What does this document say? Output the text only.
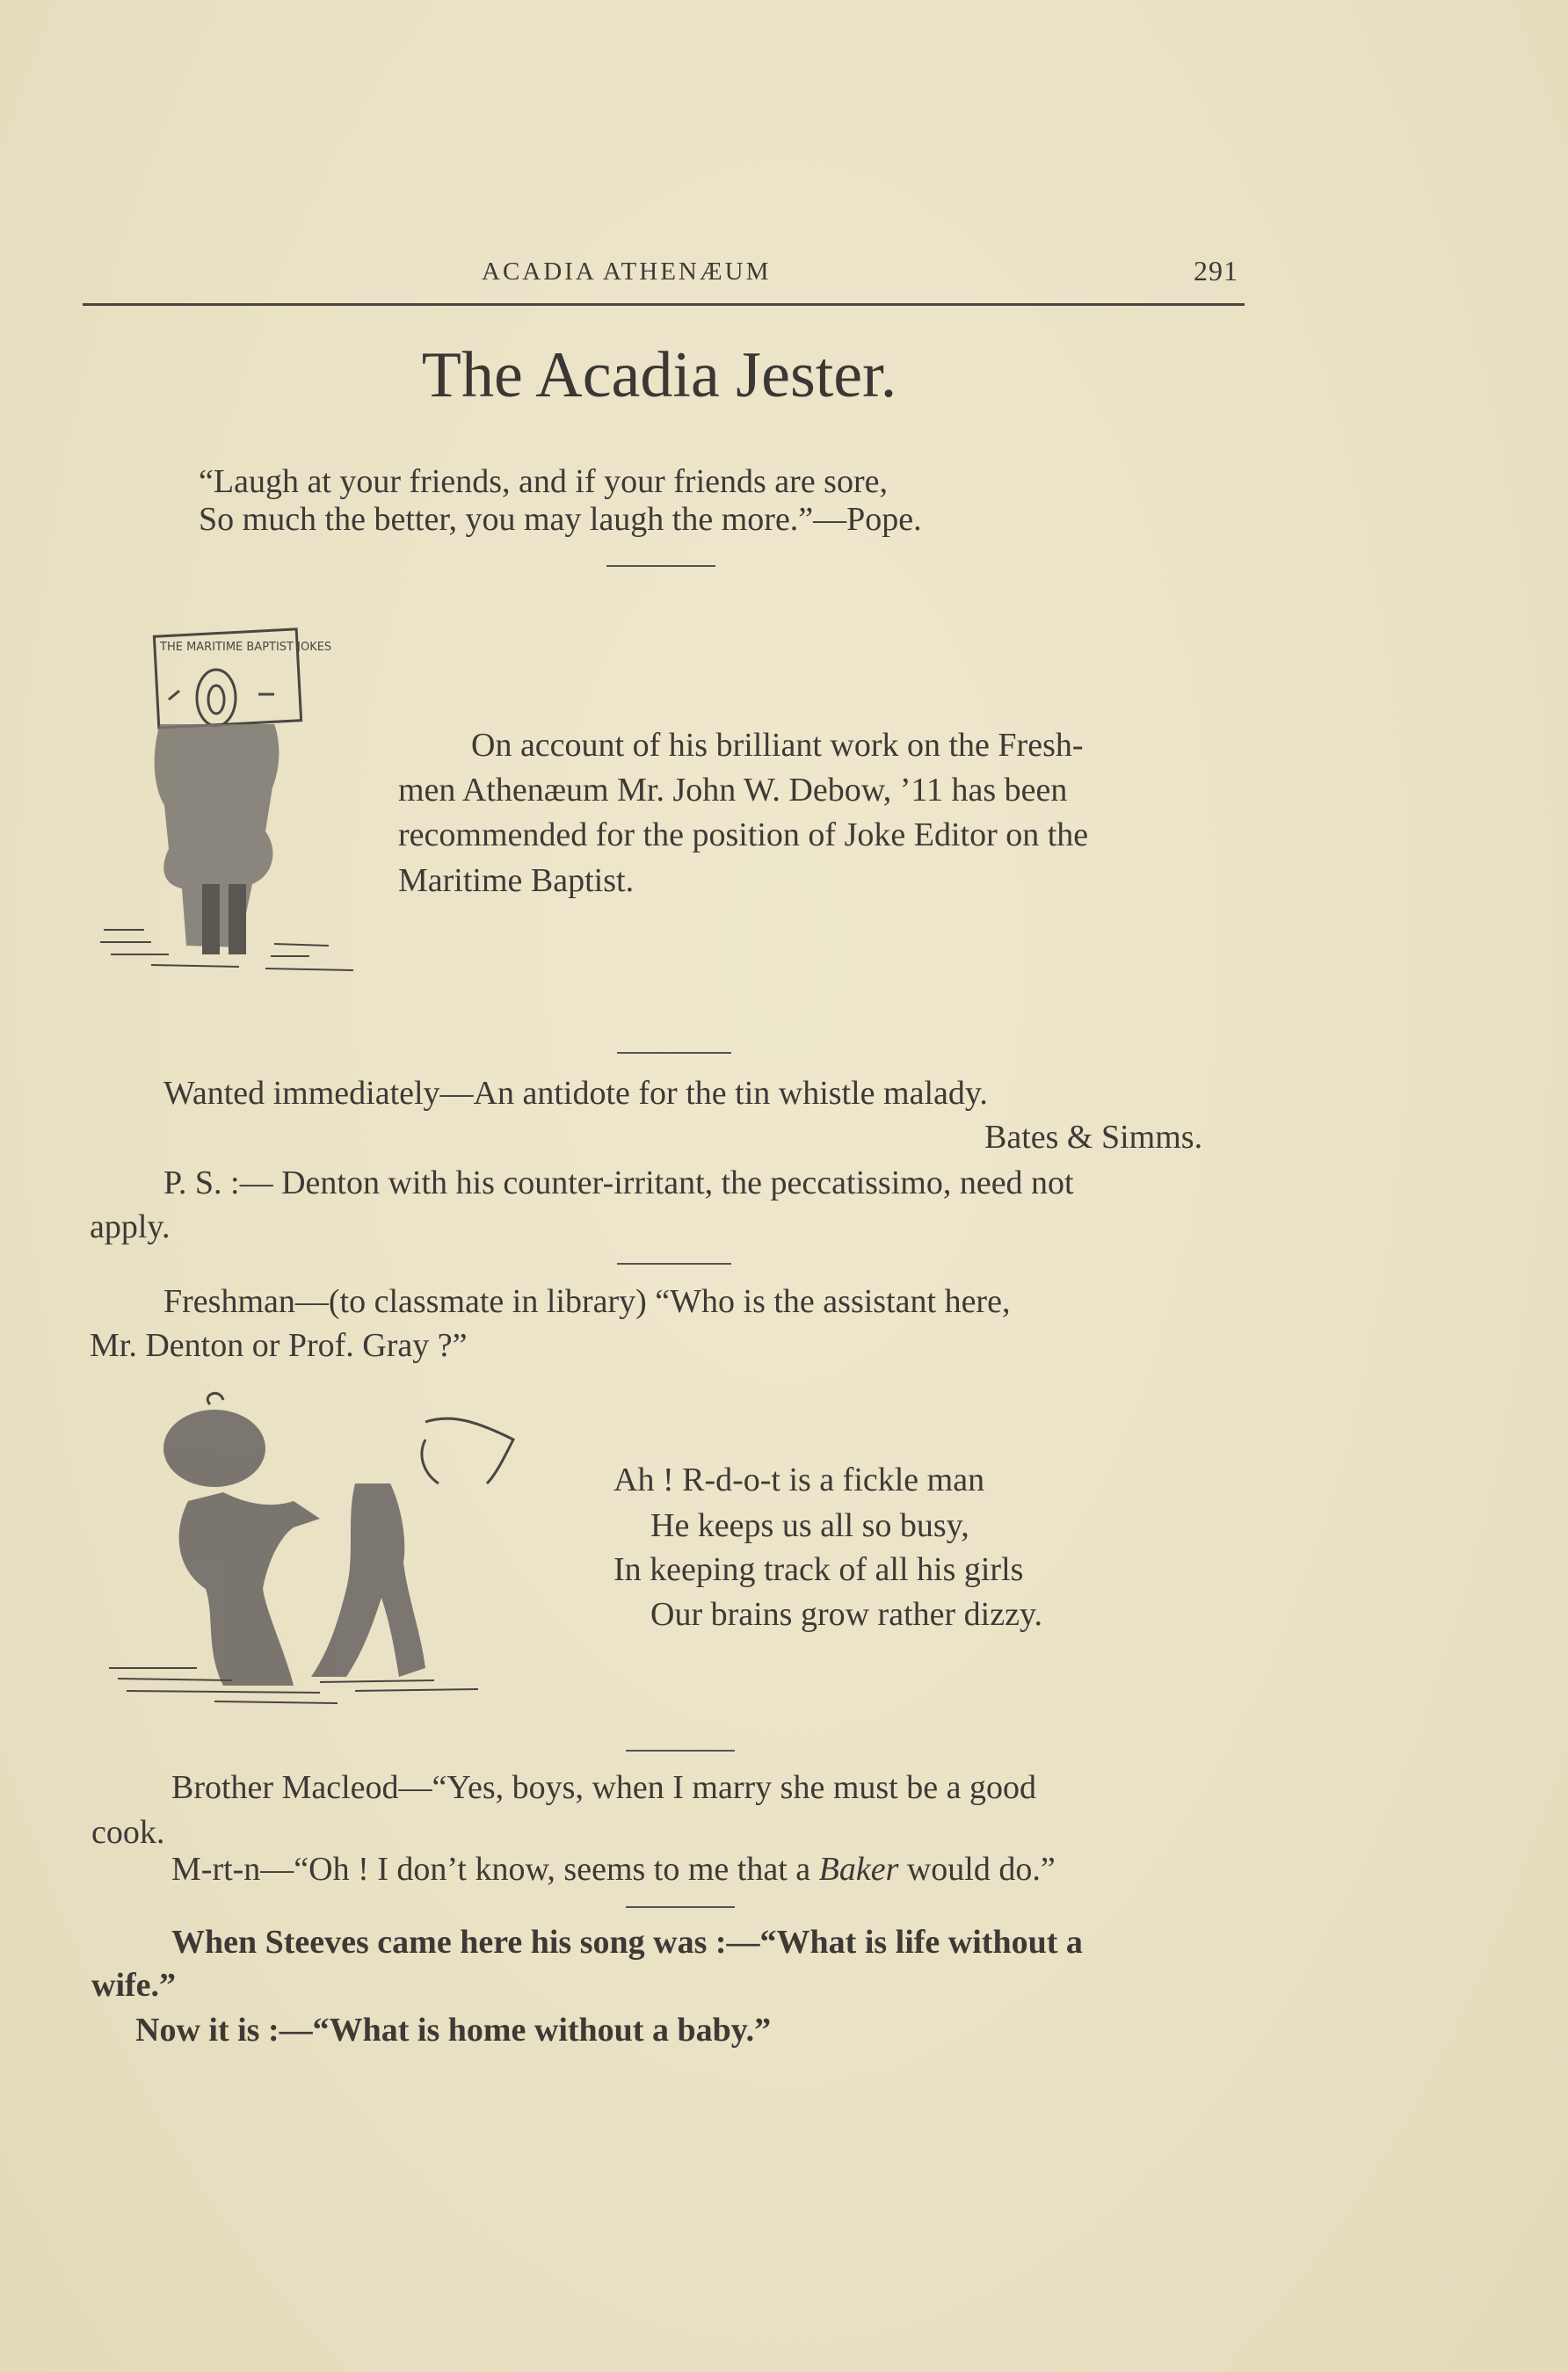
ACADIA ATHENÆUM	291
The Acadia Jester.
“Laugh at your friends, and if your friends are sore,
So much the better, you may laugh the more.”—Pope.
THE MARITIME BAPTIST JOKES
On account of his brilliant work on the Fresh-
men Athenæum Mr. John W. Debow, ’11 has been
recommended for the position of Joke Editor on the
Maritime Baptist.
Wanted immediately—An antidote for the tin whistle malady.
Bates & Simms.
P. S. :— Denton with his counter-irritant, the peccatissimo, need not
apply.
Freshman—(to classmate in library) “Who is the assistant here,
Mr. Denton or Prof. Gray ?”
Ah ! R-d-o-t is a fickle man
He keeps us all so busy,
In keeping track of all his girls
Our brains grow rather dizzy.
Brother Macleod—“Yes, boys, when I marry she must be a good
cook.
M-rt-n—“Oh ! I don’t know, seems to me that a Baker would do.”
When Steeves came here his song was :—“What is life without a
wife.”
Now it is :—“What is home without a baby.”
